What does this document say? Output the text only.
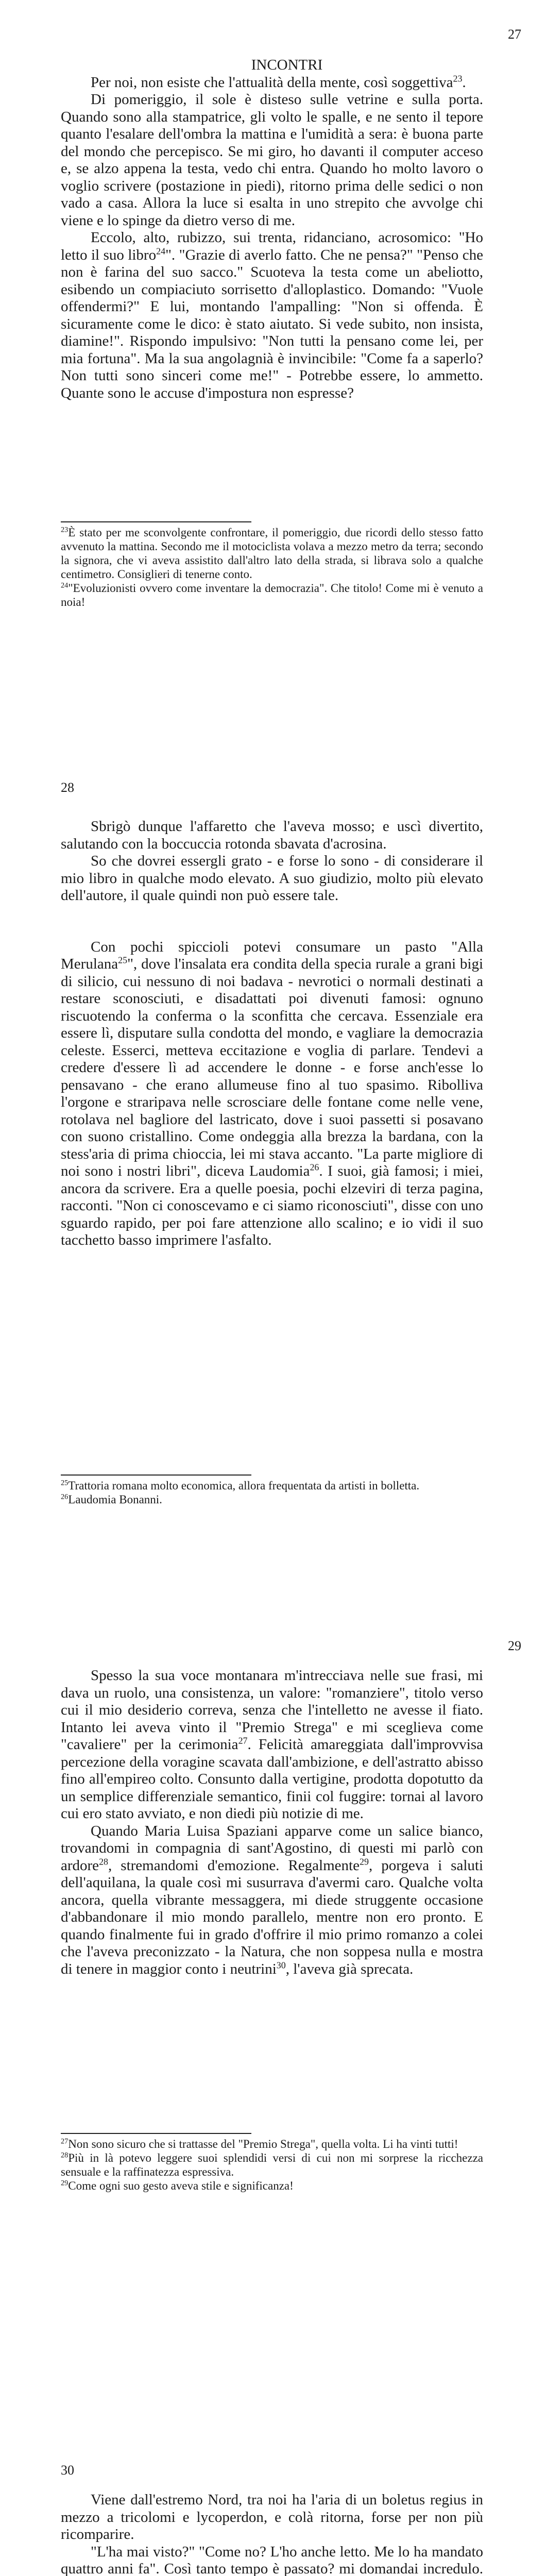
27

INCONTRI

Per noi, non esiste che l'attualità della mente, così soggettiva$^{23}$.

Di pomeriggio, il sole è disteso sulle vetrine e sulla porta. Quando sono alla stampatrice, gli volto le spalle, e ne sento il tepore quanto l'esalare dell'ombra la mattina e l'umidità a sera: è buona parte del mondo che percepisco. Se mi giro, ho davanti il computer acceso e, se alzo appena la testa, vedo chi entra. Quando ho molto lavoro o voglio scrivere (postazione in piedi), ritorno prima delle sedici o non vado a casa. Allora la luce si esalta in uno strepito che avvolge chi viene e lo spinge da dietro verso di me.

Eccolo, alto, rubizzo, sui trenta, ridanciano, acrosomico: "Ho letto il suo libro$^{24}$". "Grazie di averlo fatto. Che ne pensa?" "Penso che non è farina del suo sacco." Scuoteva la testa come un abeliotto, esibendo un compiaciuto sorrisetto d'alloplastico. Domando: "Vuole offendermi?" E lui, montando l'ampalling: "Non si offenda. È sicuramente come le dico: è stato aiutato. Si vede subito, non insista, diamine!". Rispondo impulsivo: "Non tutti la pensano come lei, per mia fortuna". Ma la sua angolagnià è invincibile: "Come fa a saperlo? Non tutti sono sinceri come me!" - Potrebbe essere, lo ammetto. Quante sono le accuse d'impostura non espresse?

$^{23}$È stato per me sconvolgente confrontare, il pomeriggio, due ricordi dello stesso fatto avvenuto la mattina. Secondo me il motociclista volava a mezzo metro da terra; secondo la signora, che vi aveva assistito dall'altro lato della strada, si librava solo a qualche centimetro. Consiglieri di tenerne conto.

$^{24}$"Evoluzionisti ovvero come inventare la democrazia". Che titolo! Come mi è venuto a noia!

28

Sbrigò dunque l'affaretto che l'aveva mosso; e uscì divertito, salutando con la boccuccia rotonda sbavata d'acrosina.

So che dovrei essergli grato - e forse lo sono - di considerare il mio libro in qualche modo elevato. A suo giudizio, molto più elevato dell'autore, il quale quindi non può essere tale.

Con pochi spiccioli potevi consumare un pasto "Alla Merulana$^{25}$", dove l'insalata era condita della specia rurale a grani bigi di silicio, cui nessuno di noi badava - nevrotici o normali destinati a restare sconosciuti, e disadattati poi divenuti famosi: ognuno riscuotendo la conferma o la sconfitta che cercava. Essenziale era essere lì, disputare sulla condotta del mondo, e vagliare la democrazia celeste. Esserci, metteva eccitazione e voglia di parlare. Tendevi a credere d'essere lì ad accendere le donne - e forse anch'esse lo pensavano - che erano allumeuse fino al tuo spasimo. Ribolliva l'orgone e straripava nelle scrosciare delle fontane come nelle vene, rotolava nel bagliore del lastricato, dove i suoi passetti si posavano con suono cristallino. Come ondeggia alla brezza la bardana, con la stess'aria di prima chioccia, lei mi stava accanto. "La parte migliore di noi sono i nostri libri", diceva Laudomia$^{26}$. I suoi, già famosi; i miei, ancora da scrivere. Era a quelle poesia, pochi elzeviri di terza pagina, racconti. "Non ci conoscevamo e ci siamo riconosciuti", disse con uno sguardo rapido, per poi fare attenzione allo scalino; e io vidi il suo tacchetto basso imprimere l'asfalto.

$^{25}$Trattoria romana molto economica, allora frequentata da artisti in bolletta.

$^{26}$Laudomia Bonanni.

29

Spesso la sua voce montanara m'intrecciava nelle sue frasi, mi dava un ruolo, una consistenza, un valore: "romanziere", titolo verso cui il mio desiderio correva, senza che l'intelletto ne avesse il fiato. Intanto lei aveva vinto il "Premio Strega" e mi sceglieva come "cavaliere" per la cerimonia$^{27}$. Felicità amareggiata dall'improvvisa percezione della voragine scavata dall'ambizione, e dell'astratto abisso fino all'empireo colto. Consunto dalla vertigine, prodotta dopotutto da un semplice differenziale semantico, finii col fuggire: tornai al lavoro cui ero stato avviato, e non diedi più notizie di me.

Quando Maria Luisa Spaziani apparve come un salice bianco, trovandomi in compagnia di sant'Agostino, di questi mi parlò con ardore$^{28}$, stremandomi d'emozione. Regalmente$^{29}$, porgeva i saluti dell'aquilana, la quale così mi susurrava d'avermi caro. Qualche volta ancora, quella vibrante messaggera, mi diede struggente occasione d'abbandonare il mio mondo parallelo, mentre non ero pronto. E quando finalmente fui in grado d'offrire il mio primo romanzo a colei che l'aveva preconizzato - la Natura, che non soppesa nulla e mostra di tenere in maggior conto i neutrini$^{30}$, l'aveva già sprecata.

$^{27}$Non sono sicuro che si trattasse del "Premio Strega", quella volta. Li ha vinti tutti!

$^{28}$Più in là potevo leggere suoi splendidi versi di cui non mi sorprese la ricchezza sensuale e la raffinatezza espressiva.

$^{29}$Come ogni suo gesto aveva stile e significanza!

30

Viene dall'estremo Nord, tra noi ha l'aria di un boletus regius in mezzo a tricolomi e lycoperdon, e colà ritorna, forse per non più ricomparire.

"L'ha mai visto?" "Come no? L'ho anche letto. Me lo ha mandato quattro anni fa". Così tanto tempo è passato? mi domandai incredulo.
